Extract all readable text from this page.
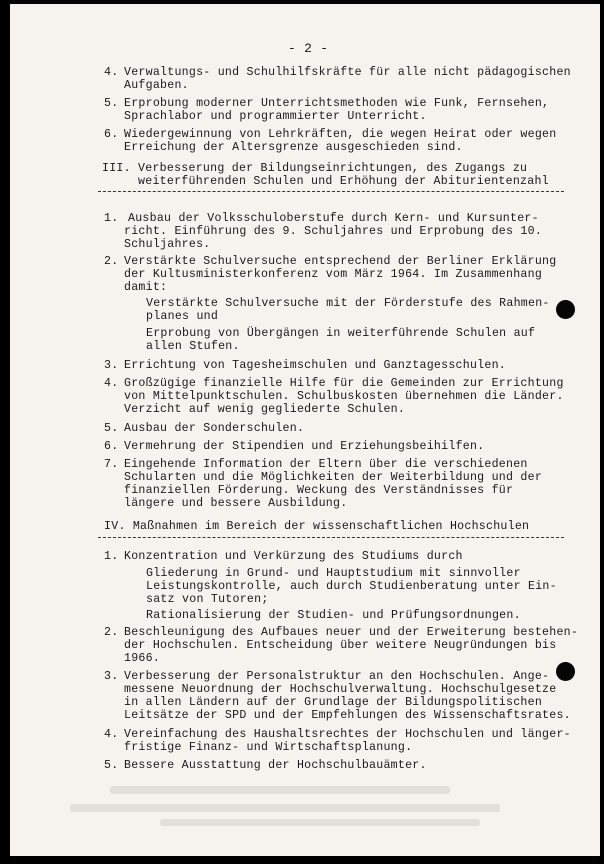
- 2 -
4. Verwaltungs- und Schulhilfskräfte für alle nicht pädagogischen
Aufgaben.
5. Erprobung moderner Unterrichtsmethoden wie Funk, Fernsehen,
Sprachlabor und programmierter Unterricht.
6. Wiedergewinnung von Lehrkräften, die wegen Heirat oder wegen
Erreichung der Altersgrenze ausgeschieden sind.
III. Verbesserung der Bildungseinrichtungen, des Zugangs zu
weiterführenden Schulen und Erhöhung der Abiturientenzahl
1. Ausbau der Volksschuloberstufe durch Kern- und Kursunter-
richt. Einführung des 9. Schuljahres und Erprobung des 10.
Schuljahres.
2. Verstärkte Schulversuche entsprechend der Berliner Erklärung
der Kultusministerkonferenz vom März 1964. Im Zusammenhang
damit:
Verstärkte Schulversuche mit der Förderstufe des Rahmen-
planes und
Erprobung von Übergängen in weiterführende Schulen auf
allen Stufen.
3. Errichtung von Tagesheimschulen und Ganztagesschulen.
4. Großzügige finanzielle Hilfe für die Gemeinden zur Errichtung
von Mittelpunktschulen. Schulbuskosten übernehmen die Länder.
Verzicht auf wenig gegliederte Schulen.
5. Ausbau der Sonderschulen.
6. Vermehrung der Stipendien und Erziehungsbeihilfen.
7. Eingehende Information der Eltern über die verschiedenen
Schularten und die Möglichkeiten der Weiterbildung und der
finanziellen Förderung. Weckung des Verständnisses für
längere und bessere Ausbildung.
IV. Maßnahmen im Bereich der wissenschaftlichen Hochschulen
1. Konzentration und Verkürzung des Studiums durch
Gliederung in Grund- und Hauptstudium mit sinnvoller
Leistungskontrolle, auch durch Studienberatung unter Ein-
satz von Tutoren;
Rationalisierung der Studien- und Prüfungsordnungen.
2. Beschleunigung des Aufbaues neuer und der Erweiterung bestehen-
der Hochschulen. Entscheidung über weitere Neugründungen bis
1966.
3. Verbesserung der Personalstruktur an den Hochschulen. Ange-
messene Neuordnung der Hochschulverwaltung. Hochschulgesetze
in allen Ländern auf der Grundlage der Bildungspolitischen
Leitsätze der SPD und der Empfehlungen des Wissenschaftsrates.
4. Vereinfachung des Haushaltsrechtes der Hochschulen und länger-
fristige Finanz- und Wirtschaftsplanung.
5. Bessere Ausstattung der Hochschulbauämter.
